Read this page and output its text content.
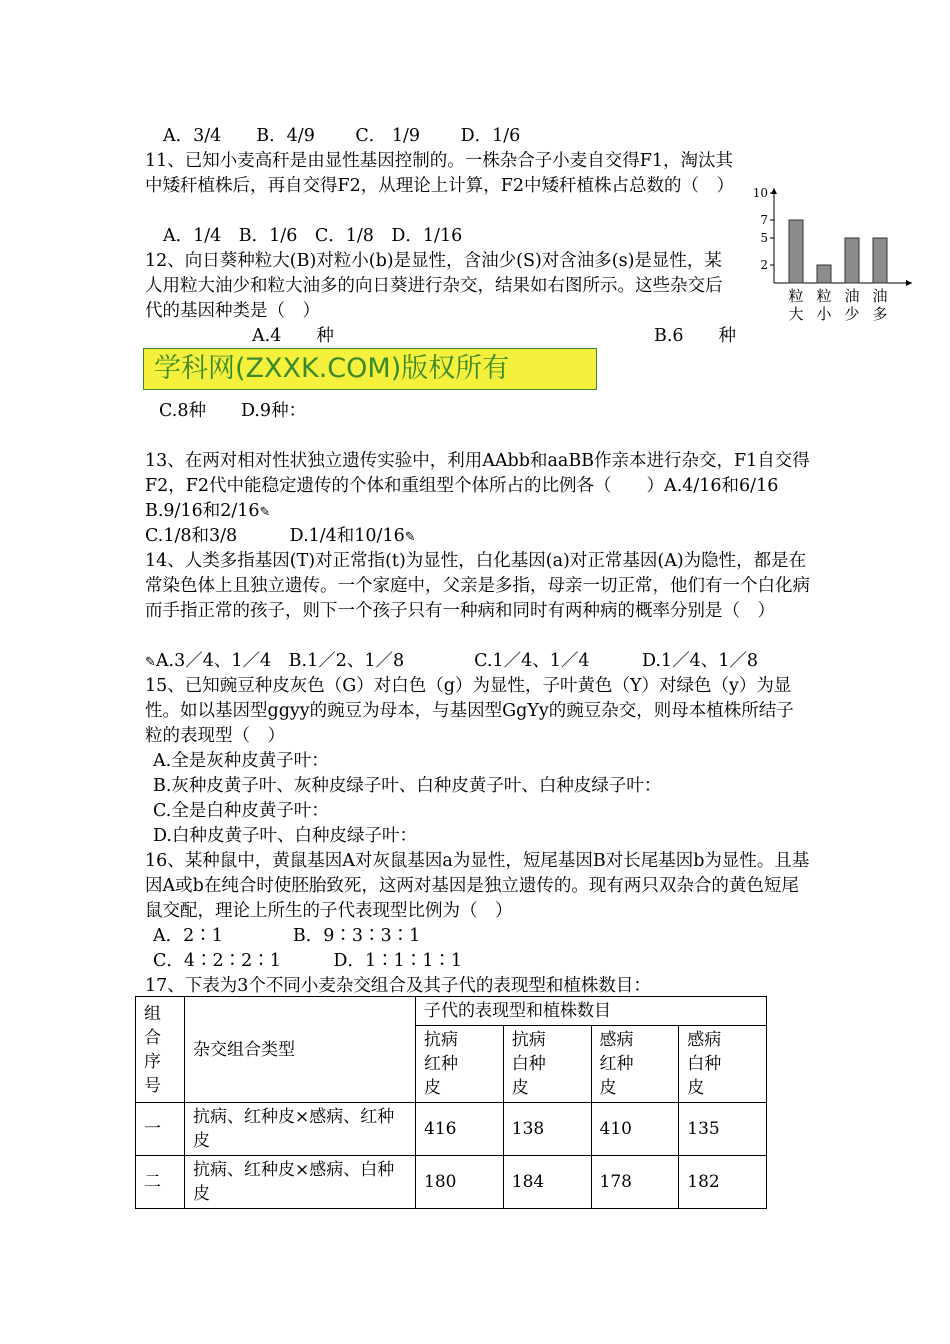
A．3/4　　B．4/9　　 C． 1/9　　 D．1/6
11、已知小麦高秆是由显性基因控制的。一株杂合子小麦自交得F1，淘汰其中矮秆植株后，再自交得F2，从理论上计算，F2中矮秆植株占总数的（　）
A．1/4　B．1/6　C．1/8　D．1/16
12、向日葵种粒大(B)对粒小(b)是显性，含油少(S)对含油多(s)是显性，某人用粒大油少和粒大油多的向日葵进行杂交，结果如右图所示。这些杂交后代的基因种类是（　）
A.4　　种	B.6　　种
学科网(ZXXK.COM)版权所有
C.8种　　D.9种：
13、在两对相对性状独立遗传实验中，利用AAbb和aaBB作亲本进行杂交，F1自交得F2，F2代中能稳定遗传的个体和重组型个体所占的比例各（　　）A.4/16和6/16　　B.9/16和2/16✎
C.1/8和3/8　　　D.1/4和10/16✎
14、人类多指基因(T)对正常指(t)为显性，白化基因(a)对正常基因(A)为隐性，都是在常染色体上且独立遗传。一个家庭中，父亲是多指，母亲一切正常，他们有一个白化病而手指正常的孩子，则下一个孩子只有一种病和同时有两种病的概率分别是（　）
✎A.3／4、1／4　B.1／2、1／8　　　　C.1／4、1／4　　　D.1／4、1／8
15、已知豌豆种皮灰色（G）对白色（g）为显性，子叶黄色（Y）对绿色（y）为显性。如以基因型ggyy的豌豆为母本，与基因型GgYy的豌豆杂交，则母本植株所结子粒的表现型（　）
A.全是灰种皮黄子叶：
B.灰种皮黄子叶、灰种皮绿子叶、白种皮黄子叶、白种皮绿子叶：
C.全是白种皮黄子叶：
D.白种皮黄子叶、白种皮绿子叶：
16、某种鼠中，黄鼠基因A对灰鼠基因a为显性，短尾基因B对长尾基因b为显性。且基因A或b在纯合时使胚胎致死，这两对基因是独立遗传的。现有两只双杂合的黄色短尾鼠交配，理论上所生的子代表现型比例为（　）
A．2∶1　　　　B．9∶3∶3∶1
C．4∶2∶2∶1　　　D．1∶1∶1∶1
17、下表为3个不同小麦杂交组合及其子代的表现型和植株数目：
10
7
5
2
粒
大
粒
小
油
少
油
多
组合序号	杂交组合类型	子代的表现型和植株数目			

		抗病红种皮	抗病白种皮	感病红种皮	感病白种皮

一	抗病、红种皮×感病、红种皮	416	138	410	135
二	抗病、红种皮×感病、白种皮	180	184	178	182
